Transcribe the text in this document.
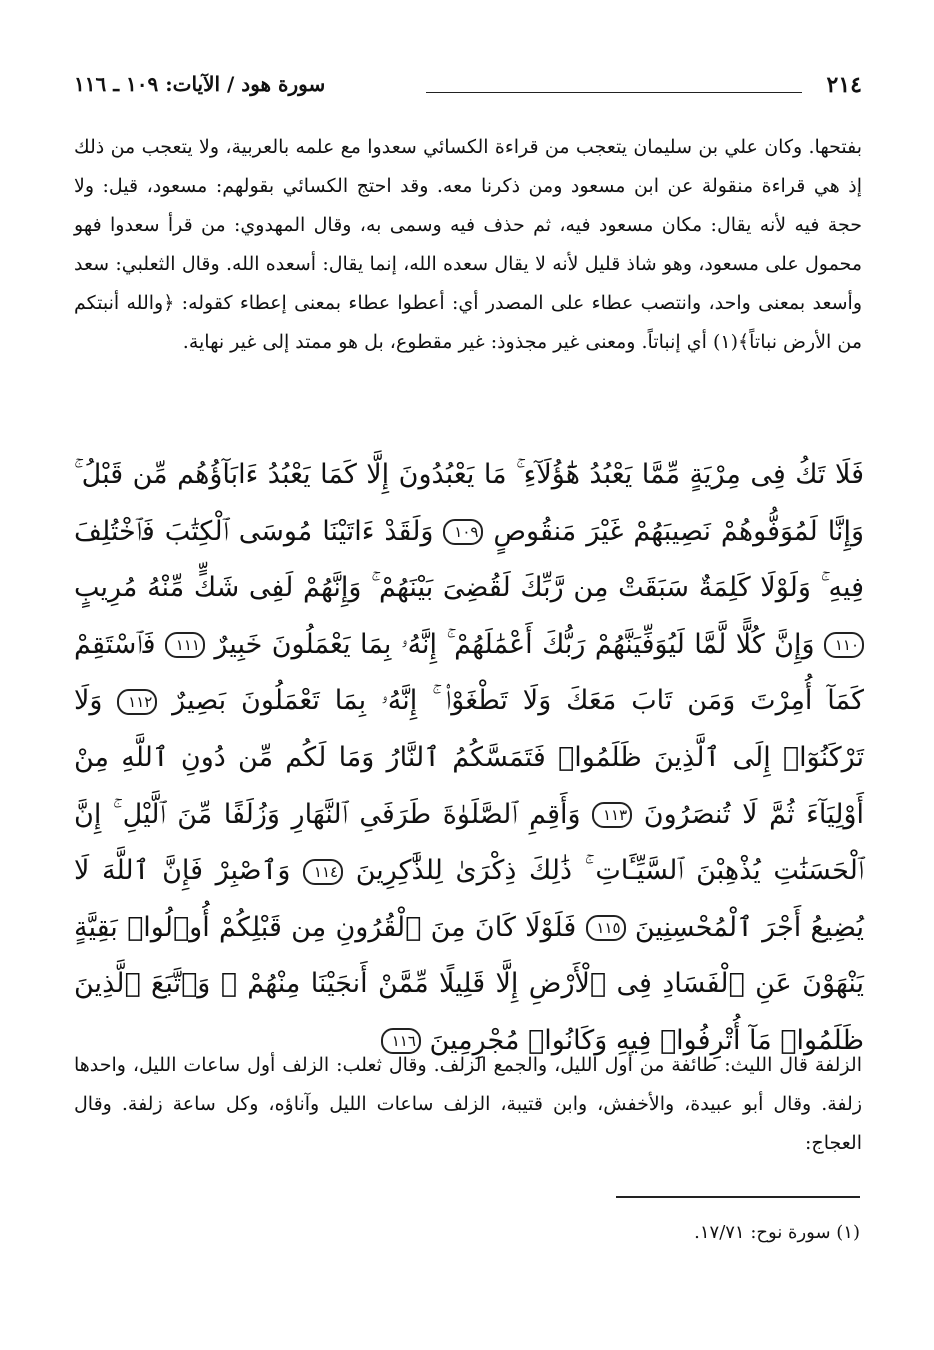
٢١٤
سورة هود / الآيات: ١٠٩ ـ ١١٦
بفتحها. وكان علي بن سليمان يتعجب من قراءة الكسائي سعدوا مع علمه بالعربية، ولا يتعجب من ذلك إذ هي قراءة منقولة عن ابن مسعود ومن ذكرنا معه. وقد احتج الكسائي بقولهم: مسعود، قيل: ولا حجة فيه لأنه يقال: مكان مسعود فيه، ثم حذف فيه وسمى به، وقال المهدوي: من قرأ سعدوا فهو محمول على مسعود، وهو شاذ قليل لأنه لا يقال سعده الله، إنما يقال: أسعده الله. وقال الثعلبي: سعد وأسعد بمعنى واحد، وانتصب عطاء على المصدر أي: أعطوا عطاء بمعنى إعطاء كقوله: ﴿والله أنبتكم من الأرض نباتاً﴾(١) أي إنباتاً. ومعنى غير مجذوذ: غير مقطوع، بل هو ممتد إلى غير نهاية.
فَلَا تَكُ فِى مِرْيَةٍ مِّمَّا يَعْبُدُ هَٰٓؤُلَآءِ ۚ مَا يَعْبُدُونَ إِلَّا كَمَا يَعْبُدُ ءَابَآؤُهُم مِّن قَبْلُ ۚ وَإِنَّا لَمُوَفُّوهُمْ نَصِيبَهُمْ غَيْرَ مَنقُوصٍ ١٠٩ وَلَقَدْ ءَاتَيْنَا مُوسَى ٱلْكِتَٰبَ فَٱخْتُلِفَ فِيهِ ۚ وَلَوْلَا كَلِمَةٌ سَبَقَتْ مِن رَّبِّكَ لَقُضِىَ بَيْنَهُمْ ۚ وَإِنَّهُمْ لَفِى شَكٍّ مِّنْهُ مُرِيبٍ ١١٠ وَإِنَّ كُلًّا لَّمَّا لَيُوَفِّيَنَّهُمْ رَبُّكَ أَعْمَٰلَهُمْ ۚ إِنَّهُۥ بِمَا يَعْمَلُونَ خَبِيرٌ ١١١ فَٱسْتَقِمْ كَمَآ أُمِرْتَ وَمَن تَابَ مَعَكَ وَلَا تَطْغَوْا۟ ۚ إِنَّهُۥ بِمَا تَعْمَلُونَ بَصِيرٌ ١١٢ وَلَا تَرْكَنُوٓا۟ إِلَى ٱلَّذِينَ ظَلَمُوا۟ فَتَمَسَّكُمُ ٱلنَّارُ وَمَا لَكُم مِّن دُونِ ٱللَّهِ مِنْ أَوْلِيَآءَ ثُمَّ لَا تُنصَرُونَ ١١٣ وَأَقِمِ ٱلصَّلَوٰةَ طَرَفَىِ ٱلنَّهَارِ وَزُلَفًا مِّنَ ٱلَّيْلِ ۚ إِنَّ ٱلْحَسَنَٰتِ يُذْهِبْنَ ٱلسَّيِّـَٔاتِ ۚ ذَٰلِكَ ذِكْرَىٰ لِلذَّٰكِرِينَ ١١٤ وَٱصْبِرْ فَإِنَّ ٱللَّهَ لَا يُضِيعُ أَجْرَ ٱلْمُحْسِنِينَ ١١٥ فَلَوْلَا كَانَ مِنَ ٱلْقُرُونِ مِن قَبْلِكُمْ أُو۟لُوا۟ بَقِيَّةٍ يَنْهَوْنَ عَنِ ٱلْفَسَادِ فِى ٱلْأَرْضِ إِلَّا قَلِيلًا مِّمَّنْ أَنجَيْنَا مِنْهُمْ ۗ وَٱتَّبَعَ ٱلَّذِينَ ظَلَمُوا۟ مَآ أُتْرِفُوا۟ فِيهِ وَكَانُوا۟ مُجْرِمِينَ ١١٦
الزلفة قال الليث: طائفة من أول الليل، والجمع الزلف. وقال ثعلب: الزلف أول ساعات الليل، واحدها زلفة. وقال أبو عبيدة، والأخفش، وابن قتيبة، الزلف ساعات الليل وآناؤه، وكل ساعة زلفة. وقال العجاج:
(١) سورة نوح: ١٧/٧١.
